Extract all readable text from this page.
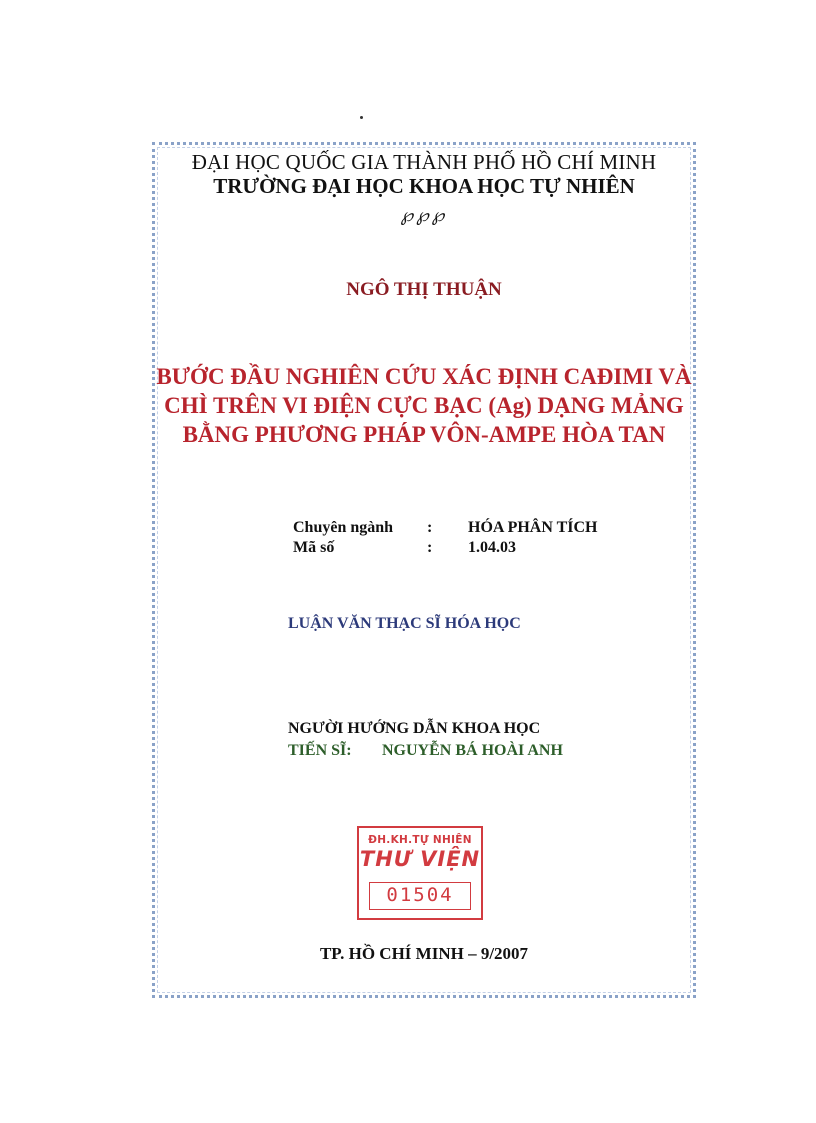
ĐẠI HỌC QUỐC GIA THÀNH PHỐ HỒ CHÍ MINH
TRƯỜNG ĐẠI HỌC KHOA HỌC TỰ NHIÊN
℘℘℘
NGÔ THỊ THUẬN
BƯỚC ĐẦU NGHIÊN CỨU XÁC ĐỊNH CAĐIMI VÀ
CHÌ TRÊN VI ĐIỆN CỰC BẠC (Ag) DẠNG MẢNG
BẰNG PHƯƠNG PHÁP VÔN-AMPE HÒA TAN
Chuyên ngành : HÓA PHÂN TÍCH
Mã số	: 1.04.03
LUẬN VĂN THẠC SĨ HÓA HỌC
NGƯỜI HƯỚNG DẪN KHOA HỌC
TIẾN SĨ: NGUYỄN BÁ HOÀI ANH
ĐH.KH.TỰ NHIÊN
THƯ VIỆN
01504
TP. HỒ CHÍ MINH – 9/2007
